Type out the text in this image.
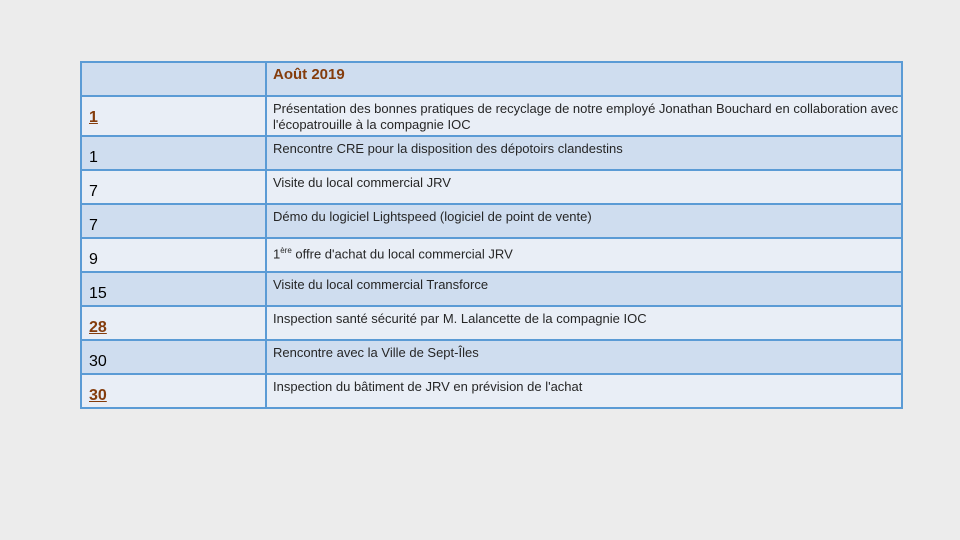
	Août 2019
1	Présentation des bonnes pratiques de recyclage de notre employé Jonathan Bouchard en collaboration avec l'écopatrouille à la compagnie IOC
1	Rencontre CRE pour la disposition des dépotoirs clandestins
7	Visite du local commercial JRV
7	Démo du logiciel Lightspeed (logiciel de point de vente)
9	1ère offre d'achat du local commercial JRV
15	Visite du local commercial Transforce
28	Inspection santé sécurité par M. Lalancette de la compagnie IOC
30	Rencontre avec la Ville de Sept-Îles
30	Inspection du bâtiment de JRV en prévision de l'achat
